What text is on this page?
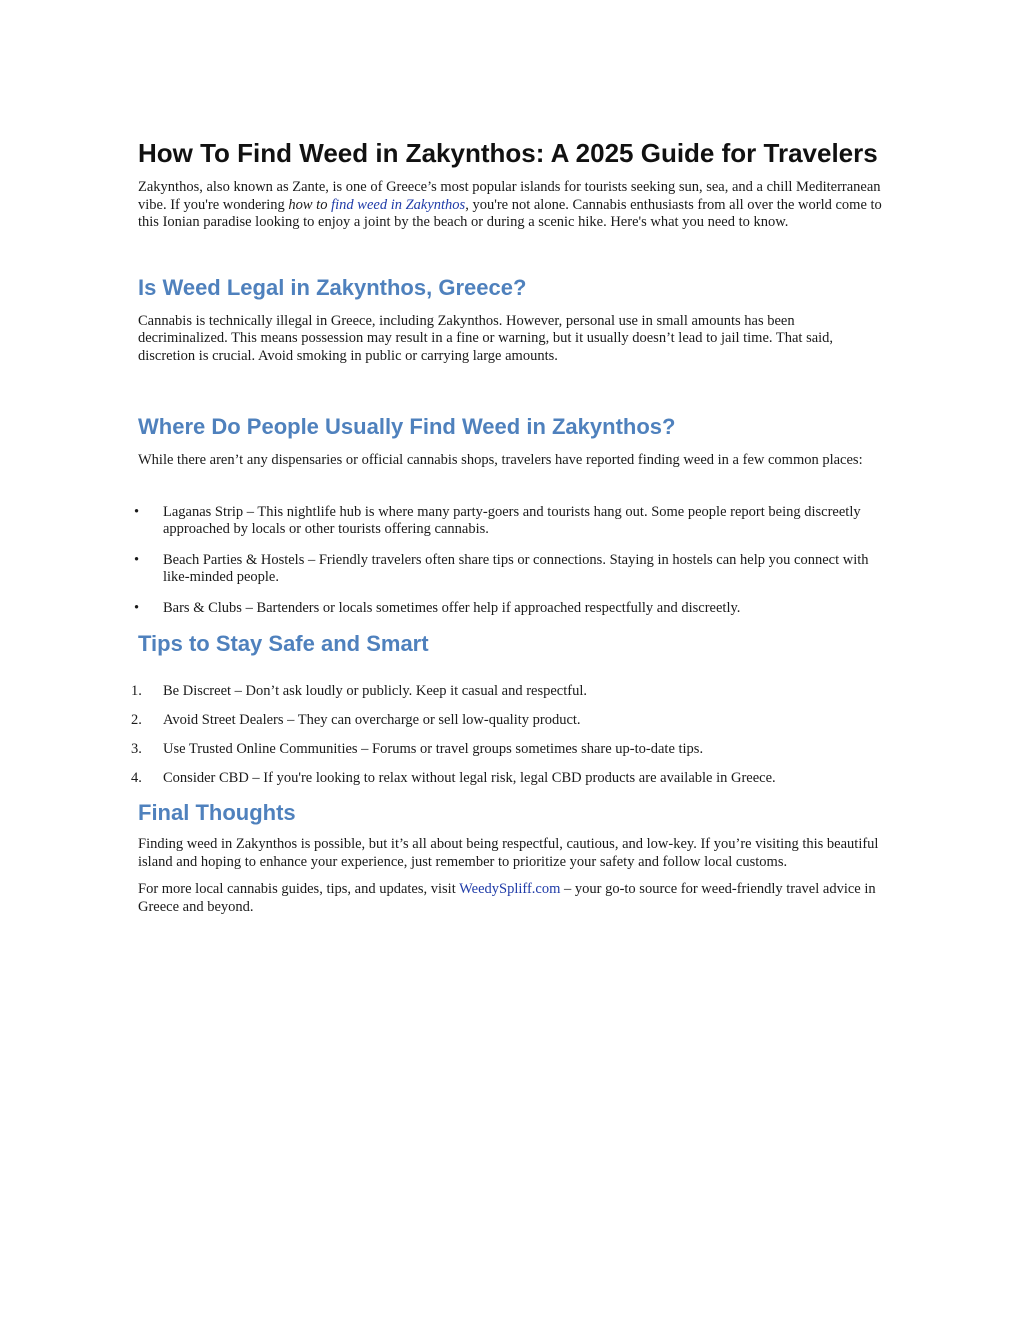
How To Find Weed in Zakynthos: A 2025 Guide for Travelers

Zakynthos, also known as Zante, is one of Greece’s most popular islands for tourists seeking sun, sea, and a chill Mediterranean vibe. If you're wondering how to find weed in Zakynthos, you're not alone. Cannabis enthusiasts from all over the world come to this Ionian paradise looking to enjoy a joint by the beach or during a scenic hike. Here's what you need to know.

Is Weed Legal in Zakynthos, Greece?

Cannabis is technically illegal in Greece, including Zakynthos. However, personal use in small amounts has been decriminalized. This means possession may result in a fine or warning, but it usually doesn’t lead to jail time. That said, discretion is crucial. Avoid smoking in public or carrying large amounts.

Where Do People Usually Find Weed in Zakynthos?

While there aren’t any dispensaries or official cannabis shops, travelers have reported finding weed in a few common places:

• Laganas Strip – This nightlife hub is where many party-goers and tourists hang out. Some people report being discreetly approached by locals or other tourists offering cannabis.
• Beach Parties & Hostels – Friendly travelers often share tips or connections. Staying in hostels can help you connect with like-minded people.
• Bars & Clubs – Bartenders or locals sometimes offer help if approached respectfully and discreetly.
Tips to Stay Safe and Smart
1. Be Discreet – Don’t ask loudly or publicly. Keep it casual and respectful.
2. Avoid Street Dealers – They can overcharge or sell low-quality product.
3. Use Trusted Online Communities – Forums or travel groups sometimes share up-to-date tips.
4. Consider CBD – If you're looking to relax without legal risk, legal CBD products are available in Greece.
Final Thoughts

Finding weed in Zakynthos is possible, but it’s all about being respectful, cautious, and low-key. If you’re visiting this beautiful island and hoping to enhance your experience, just remember to prioritize your safety and follow local customs.

For more local cannabis guides, tips, and updates, visit WeedySpliff.com – your go-to source for weed-friendly travel advice in Greece and beyond.
